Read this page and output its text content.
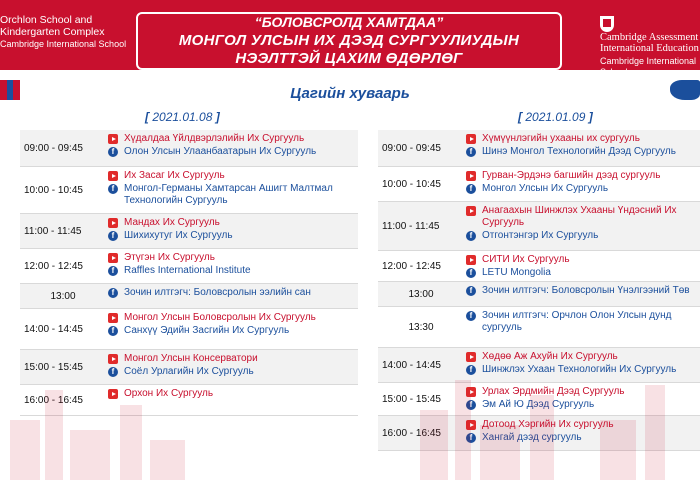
Orchlon School and
Kindergarten Complex
Cambridge International School
“БОЛОВСРОЛД ХАМТДАА”
МОНГОЛ УЛСЫН ИХ ДЭЭД СУРГУУЛИУДЫН
НЭЭЛТТЭЙ ЦАХИМ ӨДӨРЛӨГ
Cambridge Assessment
International Education
Cambridge International School
Цагийн хуваарь
[ 2021.01.08 ]	[ 2021.01.09 ]
09:00 - 09:45
Хүдалдаа Үйлдвэрлэлийн Их Сургууль
f Олон Улсын Улаанбаатарын Их Сургууль
10:00 - 10:45
Их Засаг Их Сургууль
f Монгол-Германы Хамтарсан Ашигт Малтмал Технологийн Сургууль
11:00 - 11:45
Мандах Их Сургууль
f Шихихутуг Их Сургууль
12:00 - 12:45
Этүгэн Их Сургууль
f Raffles International Institute
13:00	f Зочин илтгэгч: Боловсролын ээлийн сан
14:00 - 14:45
Монгол Улсын Боловсролын Их Сургууль
f Санхүү Эдийн Засгийн Их Сургууль
15:00 - 15:45
Монгол Улсын Консерватори
f Соёл Урлагийн Их Сургууль
16:00 - 16:45
Орхон Их Сургууль
09:00 - 09:45
Хүмүүнлэгийн ухааны их сургууль
f Шинэ Монгол Технологийн Дээд Сургууль
10:00 - 10:45
Гурван-Эрдэнэ багшийн дээд сургууль
f Монгол Улсын Их Сургууль
11:00 - 11:45
Анагаахын Шинжлэх Ухааны Үндэсний Их Сургууль
f Отгонтэнгэр Их Сургууль
12:00 - 12:45
СИТИ Их Сургууль
f LETU Mongolia
13:00	f Зочин илтгэгч: Боловсролын Үнэлгээний Төв
13:30
f Зочин илтгэгч: Орчлон Олон Улсын дунд сургууль
14:00 - 14:45
Хөдөө Аж Ахуйн Их Сургууль
f Шинжлэх Ухаан Технологийн Их Сургууль
15:00 - 15:45
Урлах Эрдмийн Дээд Сургууль
f Эм Ай Ю Дээд Сургууль
16:00 - 16:45
Дотоод Хэргийн Их сургууль
f Хангай дээд сургууль
